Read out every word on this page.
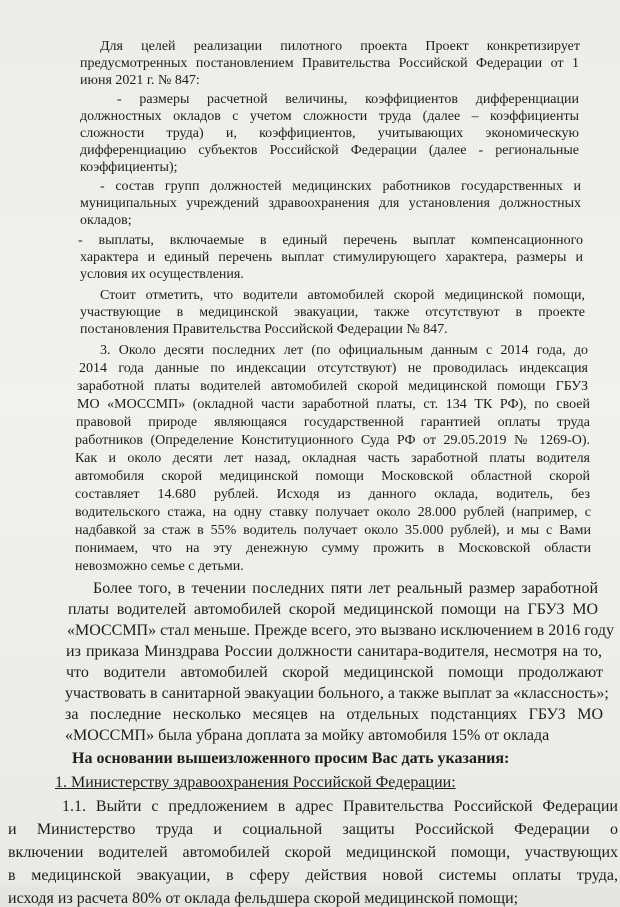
Для целей реализации пилотного проекта Проект конкретизирует

предусмотренных постановлением Правительства Российской Федерации от 1

июня 2021 г. № 847:

- размеры расчетной величины, коэффициентов дифференциации

должностных окладов с учетом сложности труда (далее – коэффициенты

сложности труда) и, коэффициентов, учитывающих экономическую

дифференциацию субъектов Российской Федерации (далее - региональные

коэффициенты);

- состав групп должностей медицинских работников государственных и

муниципальных учреждений здравоохранения для установления должностных

окладов;

- выплаты, включаемые в единый перечень выплат компенсационного

характера и единый перечень выплат стимулирующего характера, размеры и

условия их осуществления.

Стоит отметить, что водители автомобилей скорой медицинской помощи,

участвующие в медицинской эвакуации, также отсутствуют в проекте

постановления Правительства Российской Федерации № 847.

3. Около десяти последних лет (по официальным данным с 2014 года, до

2014 года данные по индексации отсутствуют) не проводилась индексация

заработной платы водителей автомобилей скорой медицинской помощи ГБУЗ

МО «МОССМП» (окладной части заработной платы, ст. 134 ТК РФ), по своей

правовой природе являющаяся государственной гарантией оплаты труда

работников (Определение Конституционного Суда РФ от 29.05.2019 № 1269-О).

Как и около десяти лет назад, окладная часть заработной платы водителя

автомобиля скорой медицинской помощи Московской областной скорой

составляет 14.680 рублей. Исходя из данного оклада, водитель, без

водительского стажа, на одну ставку получает около 28.000 рублей (например, с

надбавкой за стаж в 55% водитель получает около 35.000 рублей), и мы с Вами

понимаем, что на эту денежную сумму прожить в Московской области

невозможно семье с детьми.

Более того, в течении последних пяти лет реальный размер заработной

платы водителей автомобилей скорой медицинской помощи на ГБУЗ МО

«МОССМП» стал меньше. Прежде всего, это вызвано исключением в 2016 году

из приказа Минздрава России должности санитара-водителя, несмотря на то,

что водители автомобилей скорой медицинской помощи продолжают

участвовать в санитарной эвакуации больного, а также выплат за «классность»;

за последние несколько месяцев на отдельных подстанциях ГБУЗ МО

«МОССМП» была убрана доплата за мойку автомобиля 15% от оклада

На основании вышеизложенного просим Вас дать указания:

1. Министерству здравоохранения Российской Федерации:

1.1. Выйти с предложением в адрес Правительства Российской Федерации

и Министерство труда и социальной защиты Российской Федерации о

включении водителей автомобилей скорой медицинской помощи, участвующих

в медицинской эвакуации, в сферу действия новой системы оплаты труда,

исходя из расчета 80% от оклада фельдшера скорой медицинской помощи;
